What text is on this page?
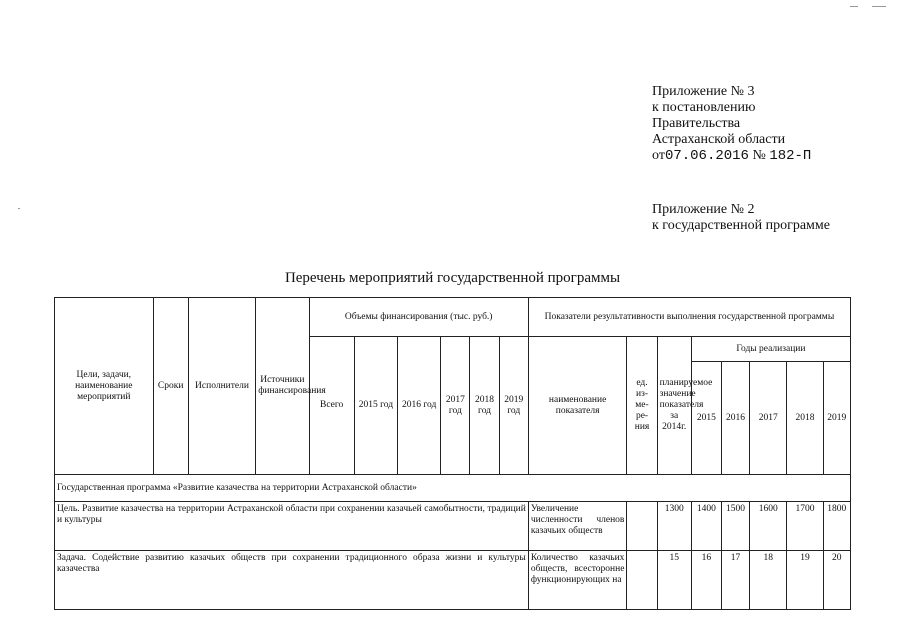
Приложение № 3
к постановлению
Правительства
Астраханской области
от07.06.2016 № 182-П
Приложение № 2
к государственной программе
Перечень мероприятий государственной программы
Цели, задачи, наименование мероприятий	Сроки	Исполнители	Источники финансирования	Объемы финансирования (тыс. руб.)						Показатели результативности выполнения государственной программы							
				Всего	2015 год	2016 год	2017 год	2018 год	2019 год	наименование показателя	ед. из-ме-ре-ния	планируемое значение показателя за 2014г.	Годы реализации				
													2015	2016	2017	2018	2019
Государственная программа «Развитие казачества на территории Астраханской области»																	
Цель. Развитие казачества на территории Астраханской области при сохранении казачьей самобытности, традиций и культуры										Увеличение численности членов казачьих обществ		1300	1400	1500	1600	1700	1800
Задача. Содействие развитию казачьих обществ при сохранении традиционного образа жизни и культуры казачества										Количество казачьих обществ, всесторонне функционирующих на		15	16	17	18	19	20
